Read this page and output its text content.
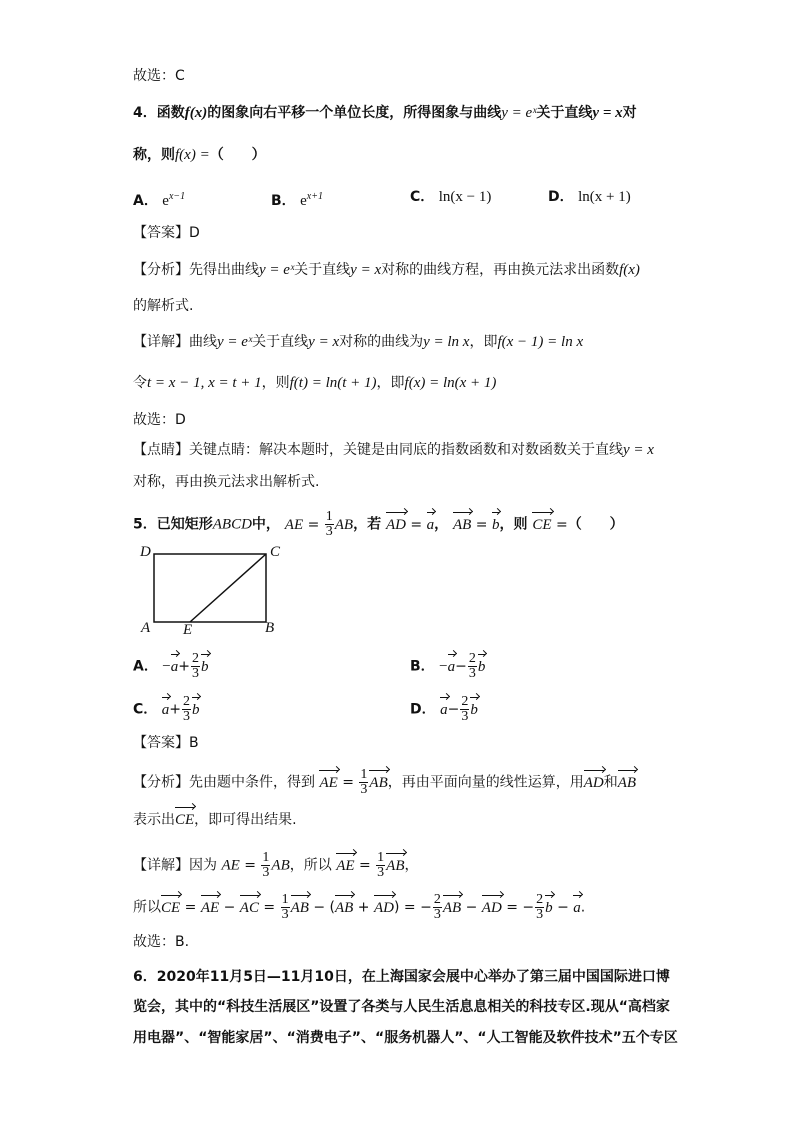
故选：C
4．函数f(x)的图象向右平移一个单位长度，所得图象与曲线y = eˣ关于直线y = x对
称，则f(x) =（　　）
A． $e^{x-1}$	B． $e^{x+1}$	C． ln(x − 1)	D． ln(x + 1)
【答案】D
【分析】先得出曲线y = eˣ关于直线y = x对称的曲线方程，再由换元法求出函数f(x)
的解析式.
【详解】曲线y = eˣ关于直线y = x对称的曲线为y = ln x，即f(x − 1) = ln x
令t = x − 1, x = t + 1，则f(t) = ln(t + 1)，即f(x) = ln(x + 1)
故选：D
【点睛】关键点睛：解决本题时，关键是由同底的指数函数和对数函数关于直线y = x
对称，再由换元法求出解析式.
5．已知矩形ABCD中， AE = $\frac{1}{3}$ AB，若 AD = a， AB = b，则 CE =（　　）
D	C
A E	B
A． $-a+ \frac{2}{3}$ b	B． $-a- \frac{2}{3}$ b
C． $a+ \frac{2}{3}$ b	D． $a- \frac{2}{3}$ b
【答案】B
【分析】先由题中条件，得到 AE = $\frac{1}{3}$ AB，再由平面向量的线性运算，用AD和AB
表示出CE，即可得出结果.
【详解】因为 AE = $\frac{1}{3}$ AB，所以 AE = $\frac{1}{3}$ AB，
所以CE = AE − AC = $\frac{1}{3}$ AB − (AB + AD) = − $\frac{2}{3}$ AB − AD = − $\frac{2}{3}$ b − a.
故选：B.
6．2020年11月5日—11月10日，在上海国家会展中心举办了第三届中国国际进口博
览会，其中的“科技生活展区”设置了各类与人民生活息息相关的科技专区.现从“高档家
用电器”、“智能家居”、“消费电子”、“服务机器人”、“人工智能及软件技术”五个专区
